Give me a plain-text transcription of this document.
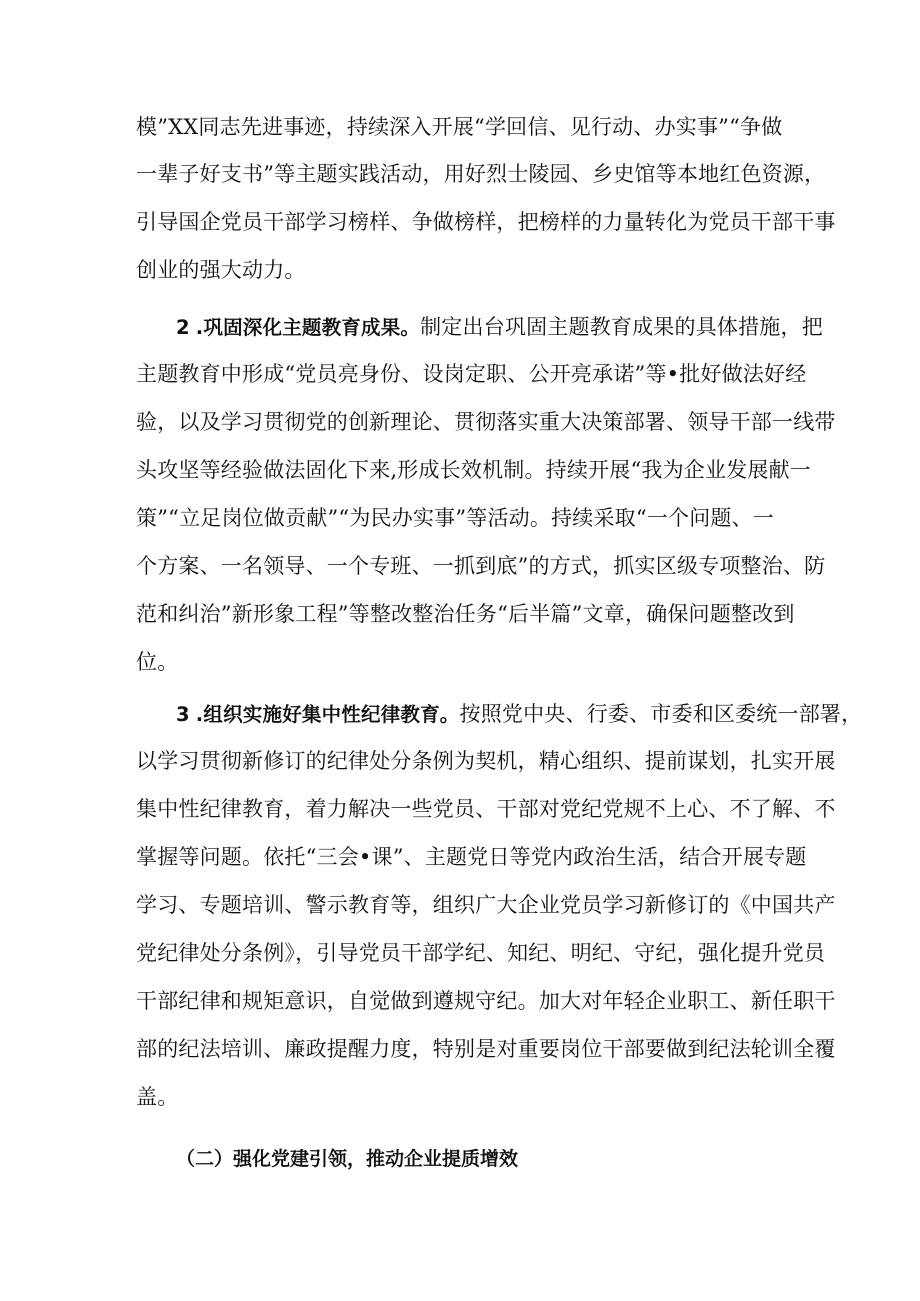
模”XX同志先进事迹，持续深入开展“学回信、见行动、办实事”“争做
一辈子好支书”等主题实践活动，用好烈士陵园、乡史馆等本地红色资源，
引导国企党员干部学习榜样、争做榜样，把榜样的力量转化为党员干部干事
创业的强大动力。
2 .巩固深化主题教育成果。制定出台巩固主题教育成果的具体措施，把
主题教育中形成“党员亮身份、设岗定职、公开亮承诺”等•批好做法好经
验，以及学习贯彻党的创新理论、贯彻落实重大决策部署、领导干部一线带
头攻坚等经验做法固化下来,形成长效机制。持续开展“我为企业发展献一
策”“立足岗位做贡献”“为民办实事”等活动。持续采取“一个问题、一
个方案、一名领导、一个专班、一抓到底”的方式，抓实区级专项整治、防
范和纠治”新形象工程”等整改整治任务“后半篇”文章，确保问题整改到
位。
3 .组织实施好集中性纪律教育。按照党中央、行委、市委和区委统一部署，
以学习贯彻新修订的纪律处分条例为契机，精心组织、提前谋划，扎实开展
集中性纪律教育，着力解决一些党员、干部对党纪党规不上心、不了解、不
掌握等问题。依托“三会•课”、主题党日等党内政治生活，结合开展专题
学习、专题培训、警示教育等，组织广大企业党员学习新修订的《中国共产
党纪律处分条例》，引导党员干部学纪、知纪、明纪、守纪，强化提升党员
干部纪律和规矩意识，自觉做到遵规守纪。加大对年轻企业职工、新任职干
部的纪法培训、廉政提醒力度，特别是对重要岗位干部要做到纪法轮训全覆
盖。
（二）强化党建引领，推动企业提质增效
